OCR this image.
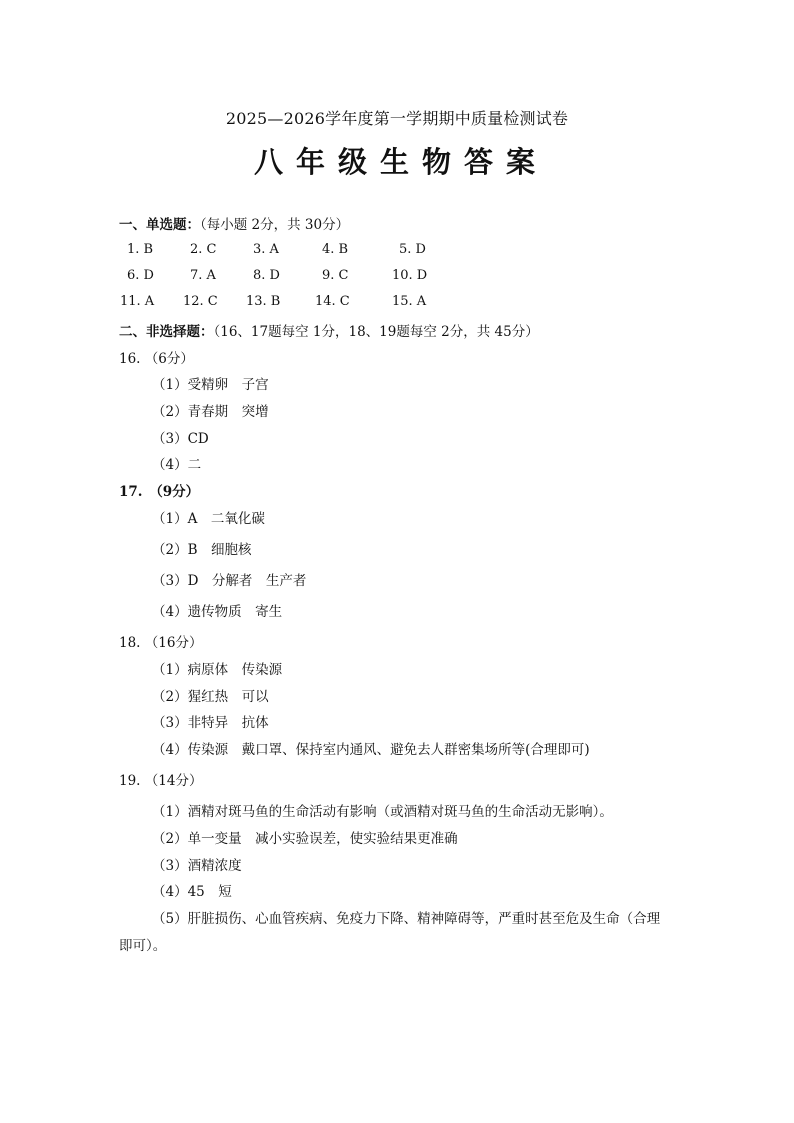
2025—2026学年度第一学期期中质量检测试卷
八年级生物答案
一、单选题：（每小题 2分，共 30分）
1. B	2. C	3. A	4. B	5. D
6. D	7. A	8. D	9. C	10. D
11. A 12. C 13. B	14. C	15. A
二、非选择题：（16、17题每空 1分，18、19题每空 2分，共 45分）
16. （6分）
（1）受精卵　子宫
（2）青春期　突增
（3）CD
（4）二
17.　（9分）
（1）A　二氧化碳
（2）B　细胞核
（3）D　分解者　生产者
（4）遗传物质　寄生
18. （16分）
（1）病原体　传染源
（2）猩红热　可以
（3）非特异　抗体
（4）传染源　戴口罩、保持室内通风、避免去人群密集场所等(合理即可)
19. （14分）
（1）酒精对斑马鱼的生命活动有影响（或酒精对斑马鱼的生命活动无影响）。
（2）单一变量　减小实验误差，使实验结果更准确
（3）酒精浓度
（4）45　短
（5）肝脏损伤、心血管疾病、免疫力下降、精神障碍等，严重时甚至危及生命（合理
即可）。
